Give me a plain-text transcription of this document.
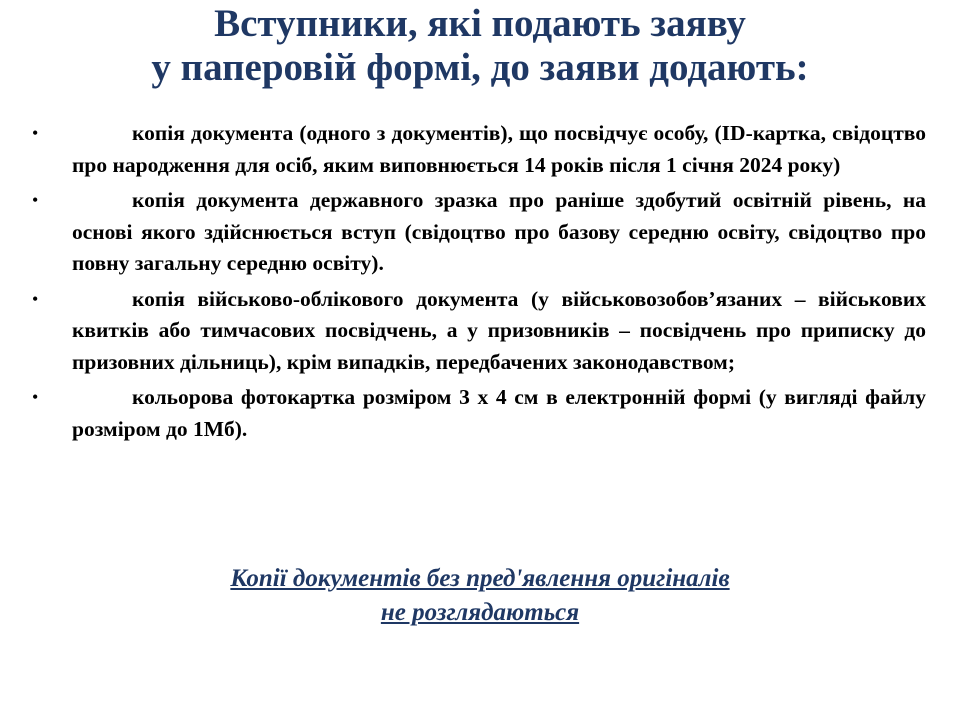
Вступники, які подають заяву
у паперовій формі, до заяви додають:
•	копія документа (одного з документів), що посвідчує особу, (ID-картка, свідоцтво про народження для осіб, яким виповнюється 14 років після 1 січня 2024 року)
•	копія документа державного зразка про раніше здобутий освітній рівень, на основі якого здійснюється вступ (свідоцтво про базову середню освіту, свідоцтво про повну загальну середню освіту).
•	копія військово-облікового документа (у військовозобов’язаних – військових квитків або тимчасових посвідчень, а у призовників – посвідчень про приписку до призовних дільниць), крім випадків, передбачених законодавством;
•	кольорова фотокартка розміром 3 х 4 см в електронній формі (у вигляді файлу розміром до 1Мб).
Копії документів без пред'явлення оригіналів
не розглядаються
